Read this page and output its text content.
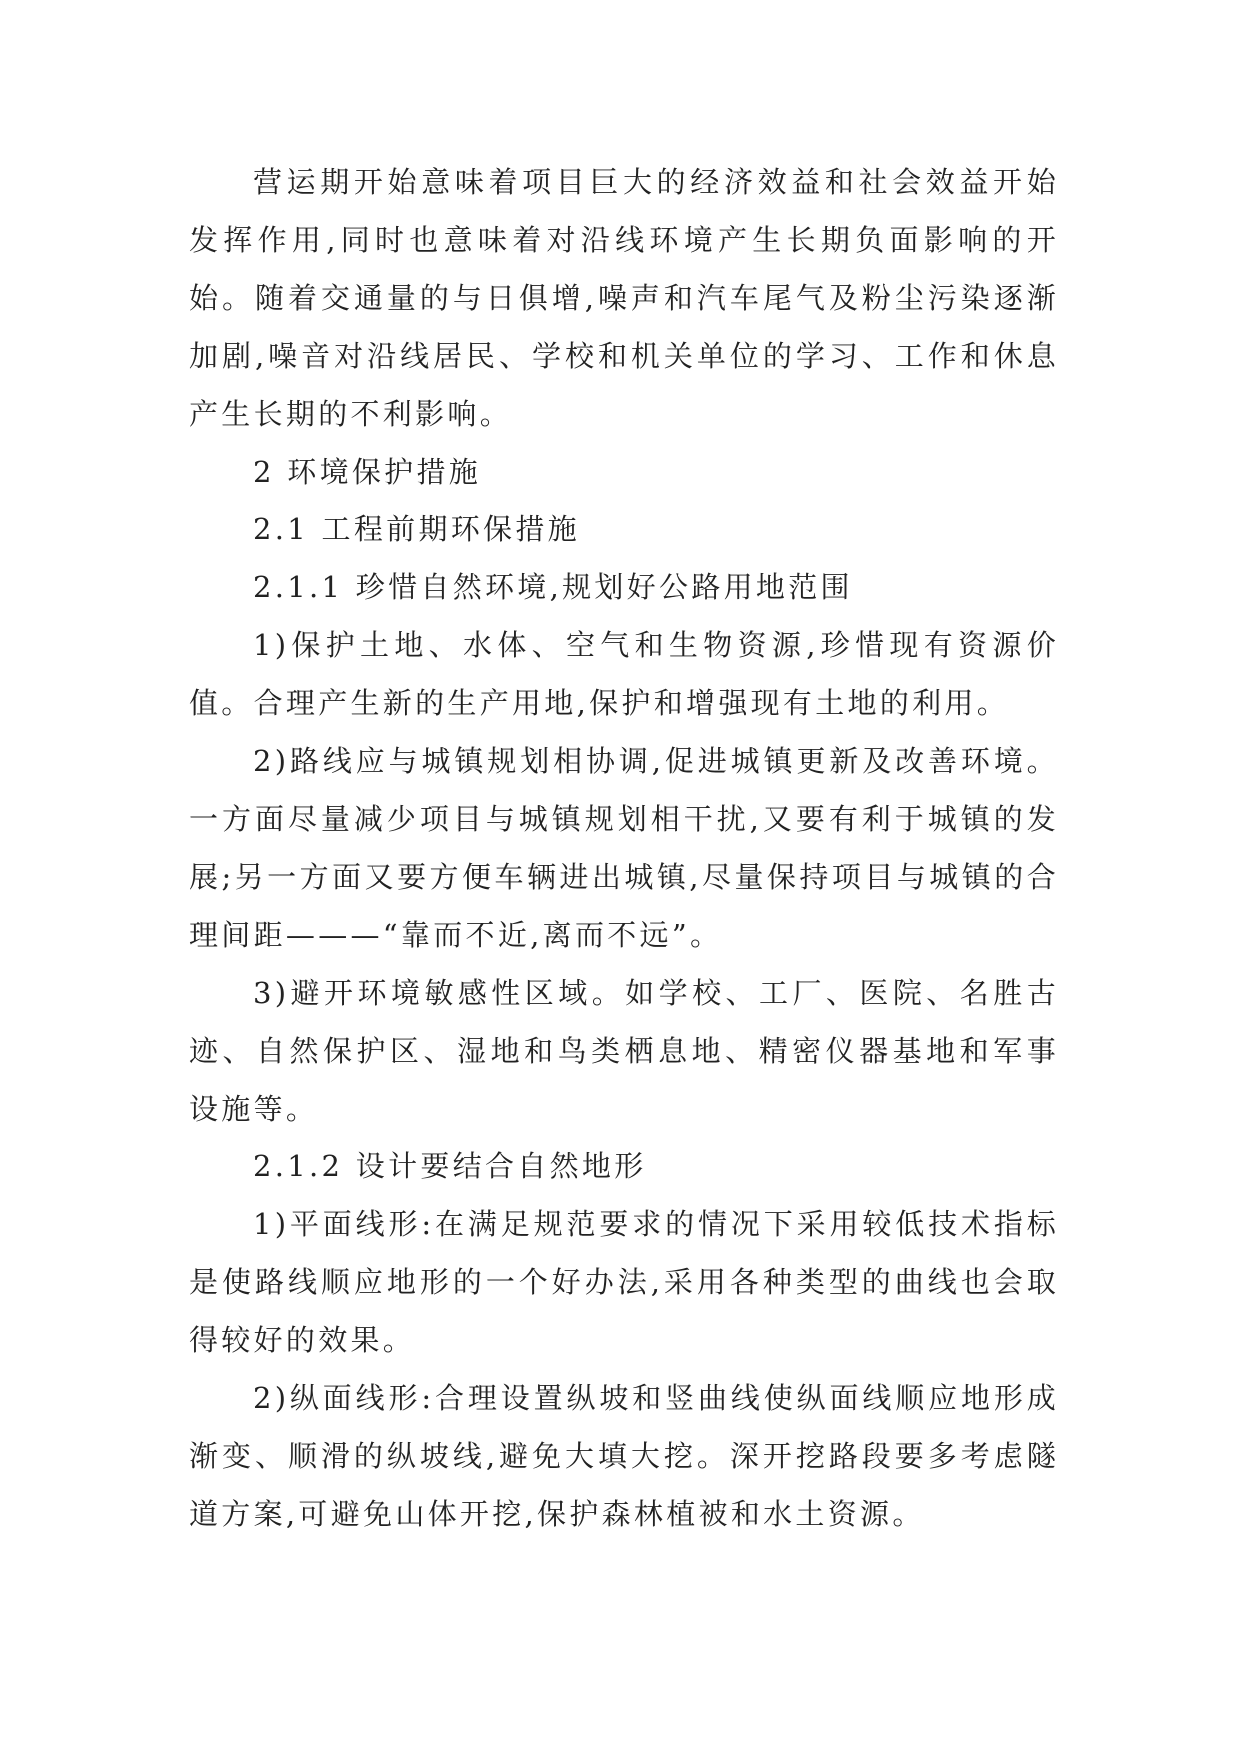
营运期开始意味着项目巨大的经济效益和社会效益开始发挥作用,同时也意味着对沿线环境产生长期负面影响的开始。随着交通量的与日俱增,噪声和汽车尾气及粉尘污染逐渐加剧,噪音对沿线居民、学校和机关单位的学习、工作和休息产生长期的不利影响。

2 环境保护措施

2.1 工程前期环保措施

2.1.1 珍惜自然环境,规划好公路用地范围

1)保护土地、水体、空气和生物资源,珍惜现有资源价值。合理产生新的生产用地,保护和增强现有土地的利用。

2)路线应与城镇规划相协调,促进城镇更新及改善环境。一方面尽量减少项目与城镇规划相干扰,又要有利于城镇的发展;另一方面又要方便车辆进出城镇,尽量保持项目与城镇的合理间距———“靠而不近,离而不远”。

3)避开环境敏感性区域。如学校、工厂、医院、名胜古迹、自然保护区、湿地和鸟类栖息地、精密仪器基地和军事设施等。

2.1.2 设计要结合自然地形

1)平面线形:在满足规范要求的情况下采用较低技术指标是使路线顺应地形的一个好办法,采用各种类型的曲线也会取得较好的效果。

2)纵面线形:合理设置纵坡和竖曲线使纵面线顺应地形成渐变、顺滑的纵坡线,避免大填大挖。深开挖路段要多考虑隧道方案,可避免山体开挖,保护森林植被和水土资源。
